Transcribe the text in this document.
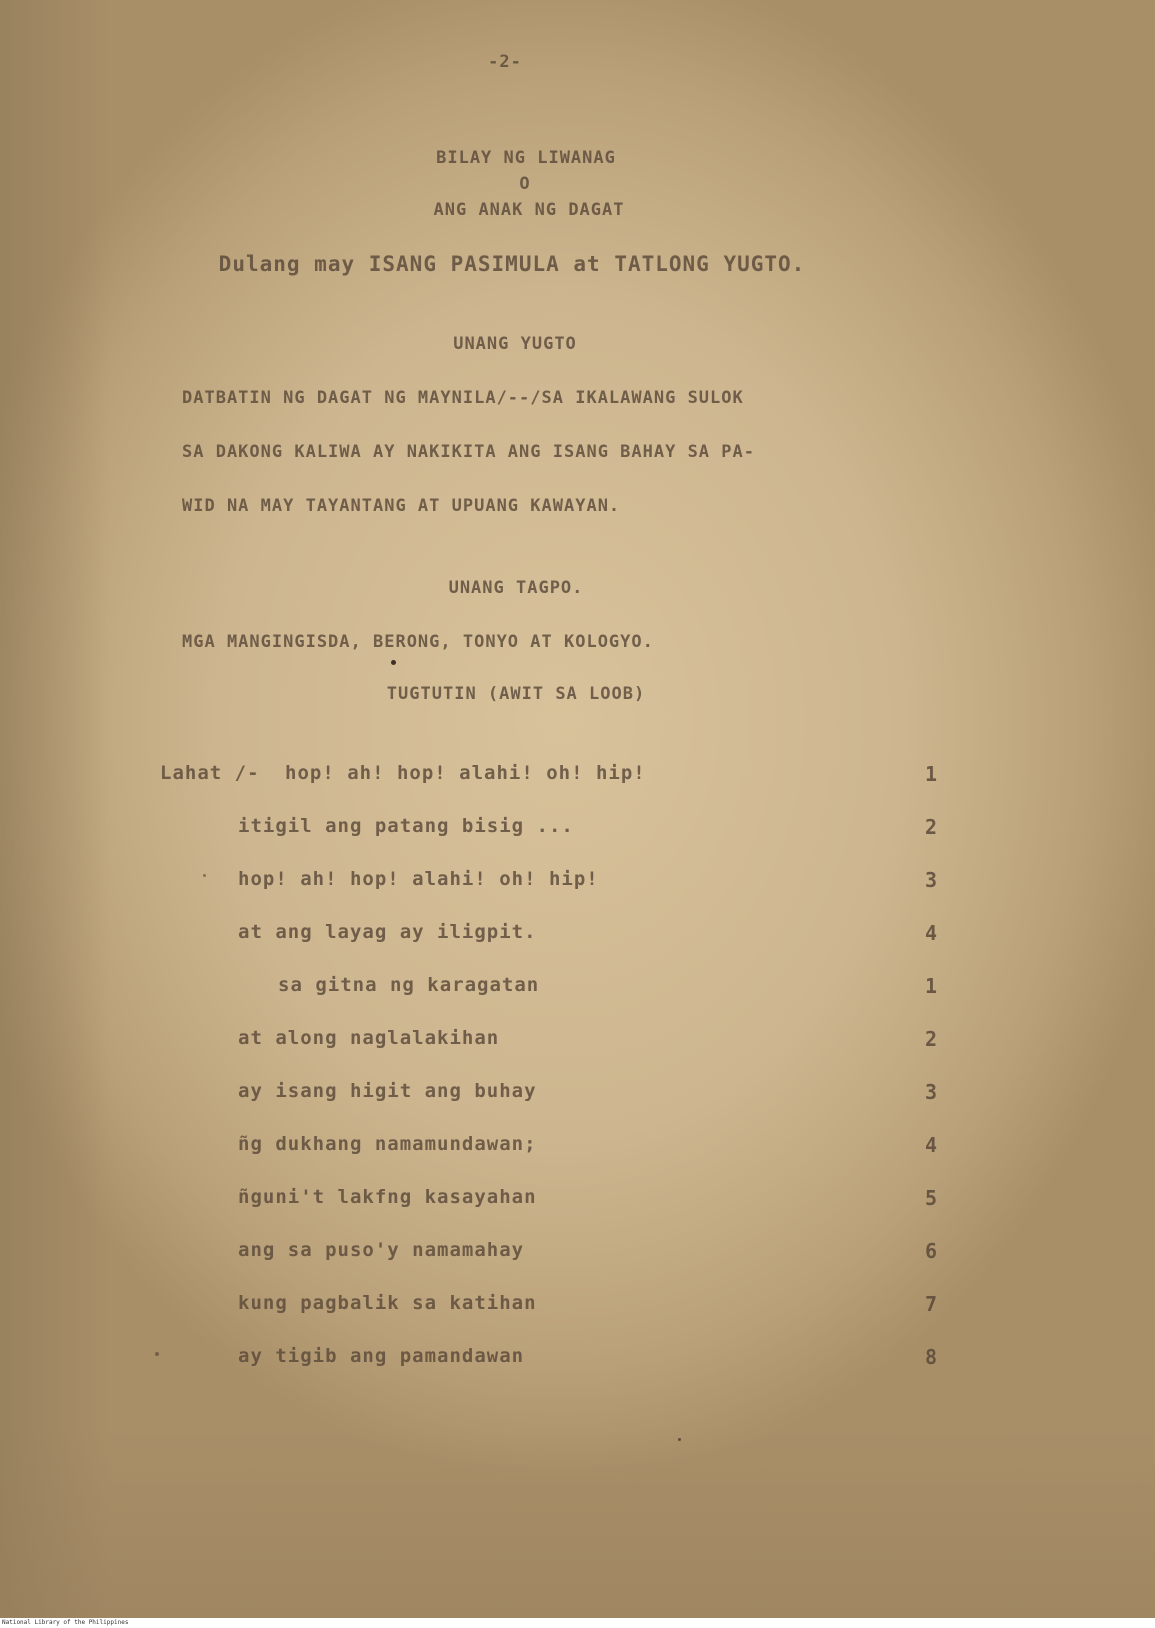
-2-
BILAY NG LIWANAG
O
ANG ANAK NG DAGAT
Dulang may ISANG PASIMULA at TATLONG YUGTO.
UNANG YUGTO
DATBATIN NG DAGAT NG MAYNILA/--/SA IKALAWANG SULOK
SA DAKONG KALIWA AY NAKIKITA ANG ISANG BAHAY SA PA-
WID NA MAY TAYANTANG AT UPUANG KAWAYAN.
UNANG TAGPO.
MGA MANGINGISDA, BERONG, TONYO AT KOLOGYO.
TUGTUTIN (AWIT SA LOOB)
Lahat /- hop! ah! hop! alahi! oh! hip!	1
itigil ang patang bisig ...	2
hop! ah! hop! alahi! oh! hip!	3
at ang layag ay iligpit.	4
sa gitna ng karagatan	1
at along naglalakihan	2
ay isang higit ang buhay	3
ñg dukhang namamundawan;	4
ñguni't lakfng kasayahan	5
ang sa puso'y namamahay	6
kung pagbalik sa katihan	7
ay tigib ang pamandawan	8
National Library of the Philippines
